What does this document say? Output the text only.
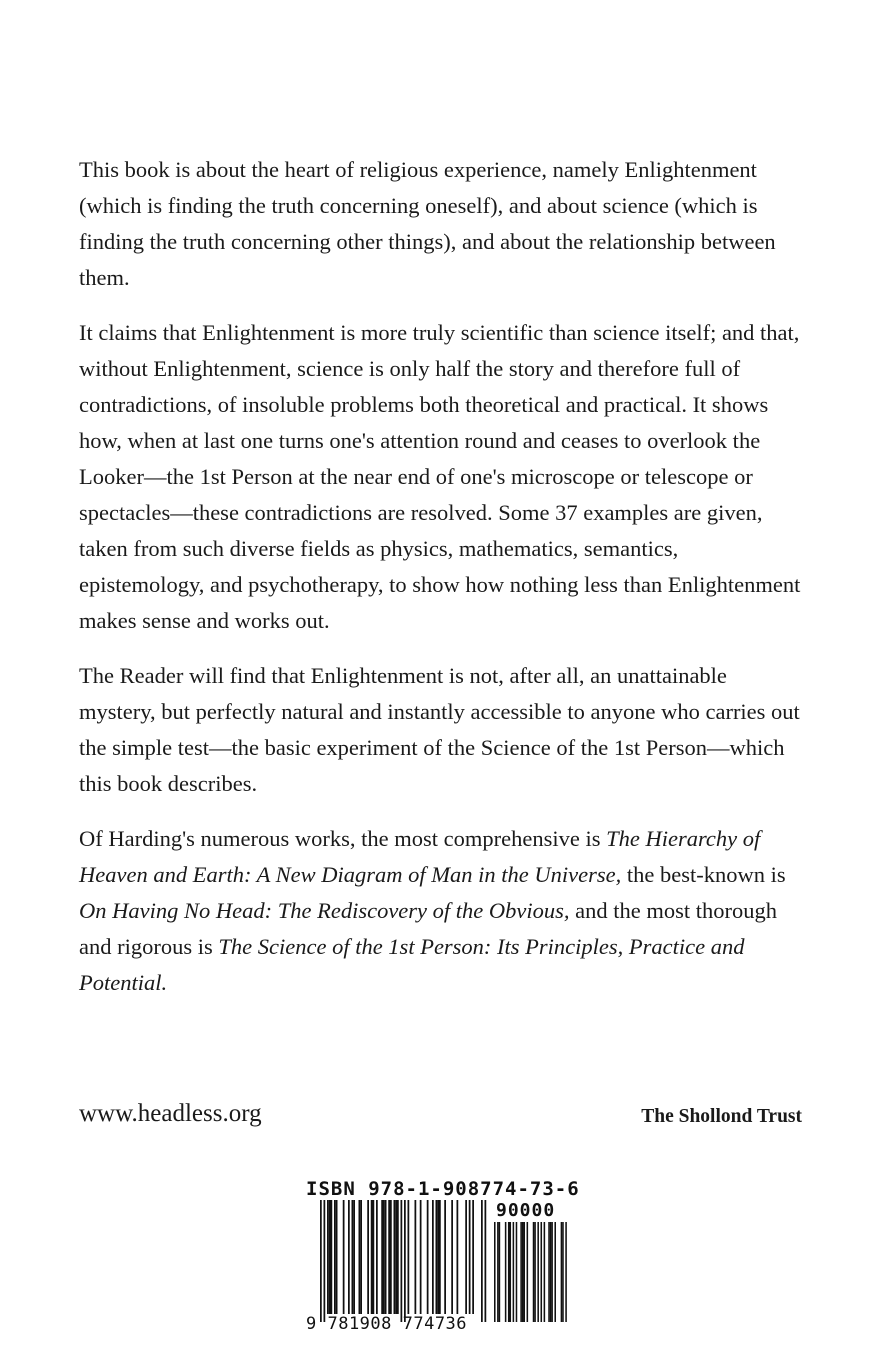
This book is about the heart of religious experience, namely Enlightenment (which is finding the truth concerning oneself), and about science (which is finding the truth concerning other things), and about the relationship between them.

It claims that Enlightenment is more truly scientific than science itself; and that, without Enlightenment, science is only half the story and therefore full of contradictions, of insoluble problems both theoretical and practical. It shows how, when at last one turns one's attention round and ceases to overlook the Looker—the 1st Person at the near end of one's microscope or telescope or spectacles—these contradictions are resolved. Some 37 examples are given, taken from such diverse fields as physics, mathematics, semantics, epistemology, and psychotherapy, to show how nothing less than Enlightenment makes sense and works out.

The Reader will find that Enlightenment is not, after all, an unattainable mystery, but perfectly natural and instantly accessible to anyone who carries out the simple test—the basic experiment of the Science of the 1st Person—which this book describes.

Of Harding's numerous works, the most comprehensive is The Hierarchy of Heaven and Earth: A New Diagram of Man in the Universe, the best-known is On Having No Head: The Rediscovery of the Obvious, and the most thorough and rigorous is The Science of the 1st Person: Its Principles, Practice and Potential.

www.headless.org	The Shollond Trust
ISBN 978-1-908774-73-6
90000
9 781908 774736
